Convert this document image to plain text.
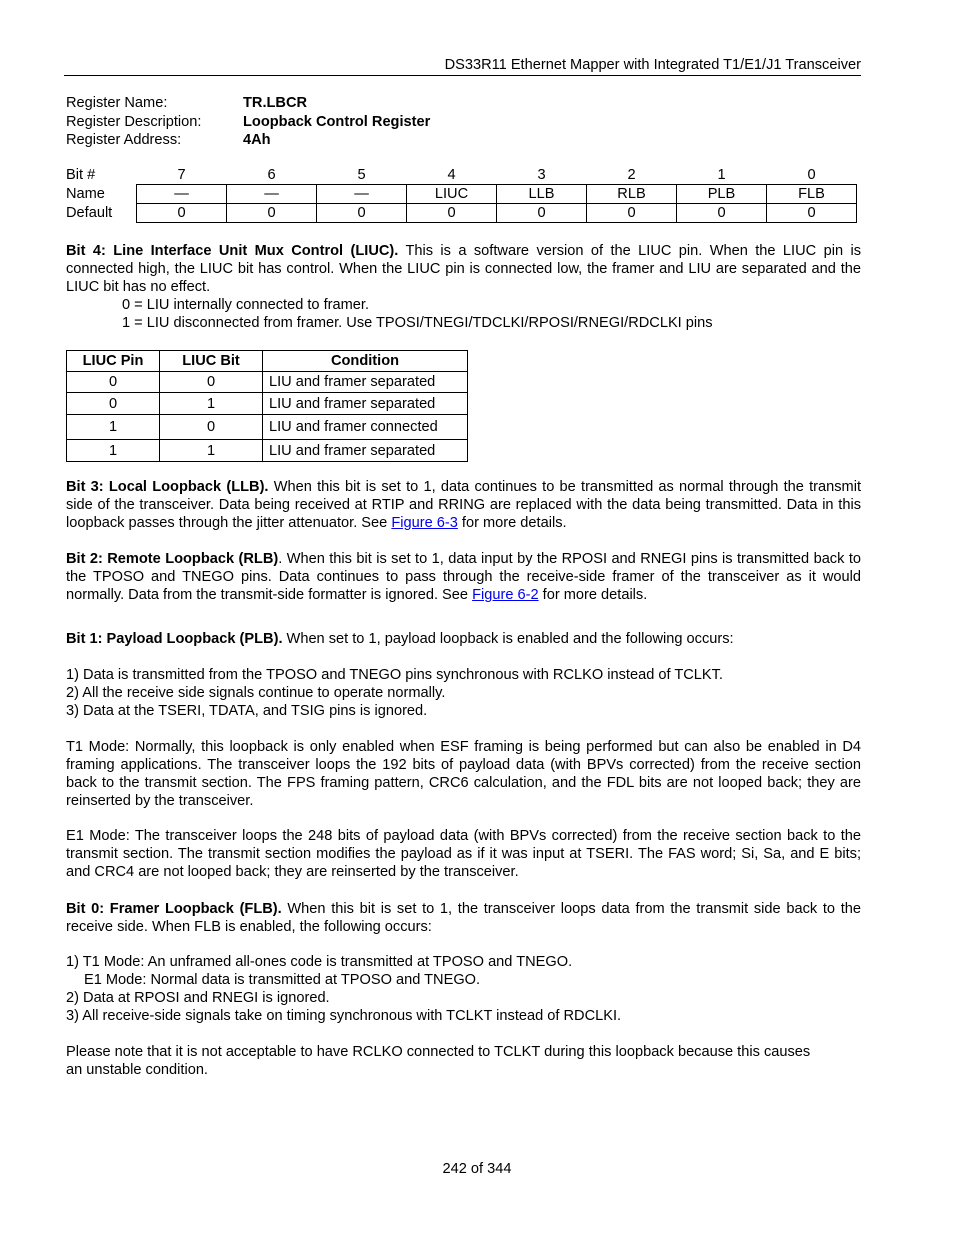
DS33R11 Ethernet Mapper with Integrated T1/E1/J1 Transceiver
Register Name:	TR.LBCR
Register Description:	Loopback Control Register
Register Address:	4Ah
Bit #	7	6	5	4	3	2	1	0
Name	—	—	—	LIUC	LLB	RLB	PLB	FLB
Default	0	0	0	0	0	0	0	0
Bit 4: Line Interface Unit Mux Control (LIUC). This is a software version of the LIUC pin. When the LIUC pin is connected high, the LIUC bit has control. When the LIUC pin is connected low, the framer and LIU are separated and the LIUC bit has no effect.
0 = LIU internally connected to framer.
1 = LIU disconnected from framer. Use TPOSI/TNEGI/TDCLKI/RPOSI/RNEGI/RDCLKI pins
LIUC Pin	LIUC Bit	Condition
0	0	LIU and framer separated
0	1	LIU and framer separated
1	0	LIU and framer connected
1	1	LIU and framer separated
Bit 3: Local Loopback (LLB). When this bit is set to 1, data continues to be transmitted as normal through the transmit side of the transceiver. Data being received at RTIP and RRING are replaced with the data being transmitted. Data in this loopback passes through the jitter attenuator. See Figure 6-3 for more details.
Bit 2: Remote Loopback (RLB). When this bit is set to 1, data input by the RPOSI and RNEGI pins is transmitted back to the TPOSO and TNEGO pins. Data continues to pass through the receive-side framer of the transceiver as it would normally. Data from the transmit-side formatter is ignored. See Figure 6-2 for more details.
Bit 1: Payload Loopback (PLB). When set to 1, payload loopback is enabled and the following occurs:
1) Data is transmitted from the TPOSO and TNEGO pins synchronous with RCLKO instead of TCLKT.
2) All the receive side signals continue to operate normally.
3) Data at the TSERI, TDATA, and TSIG pins is ignored.
T1 Mode: Normally, this loopback is only enabled when ESF framing is being performed but can also be enabled in D4 framing applications. The transceiver loops the 192 bits of payload data (with BPVs corrected) from the receive section back to the transmit section. The FPS framing pattern, CRC6 calculation, and the FDL bits are not looped back; they are reinserted by the transceiver.
E1 Mode: The transceiver loops the 248 bits of payload data (with BPVs corrected) from the receive section back to the transmit section. The transmit section modifies the payload as if it was input at TSERI. The FAS word; Si, Sa, and E bits; and CRC4 are not looped back; they are reinserted by the transceiver.
Bit 0: Framer Loopback (FLB). When this bit is set to 1, the transceiver loops data from the transmit side back to the receive side. When FLB is enabled, the following occurs:
1) T1 Mode: An unframed all-ones code is transmitted at TPOSO and TNEGO.
E1 Mode: Normal data is transmitted at TPOSO and TNEGO.
2) Data at RPOSI and RNEGI is ignored.
3) All receive-side signals take on timing synchronous with TCLKT instead of RDCLKI.
Please note that it is not acceptable to have RCLKO connected to TCLKT during this loopback because this causes an unstable condition.
242 of 344
